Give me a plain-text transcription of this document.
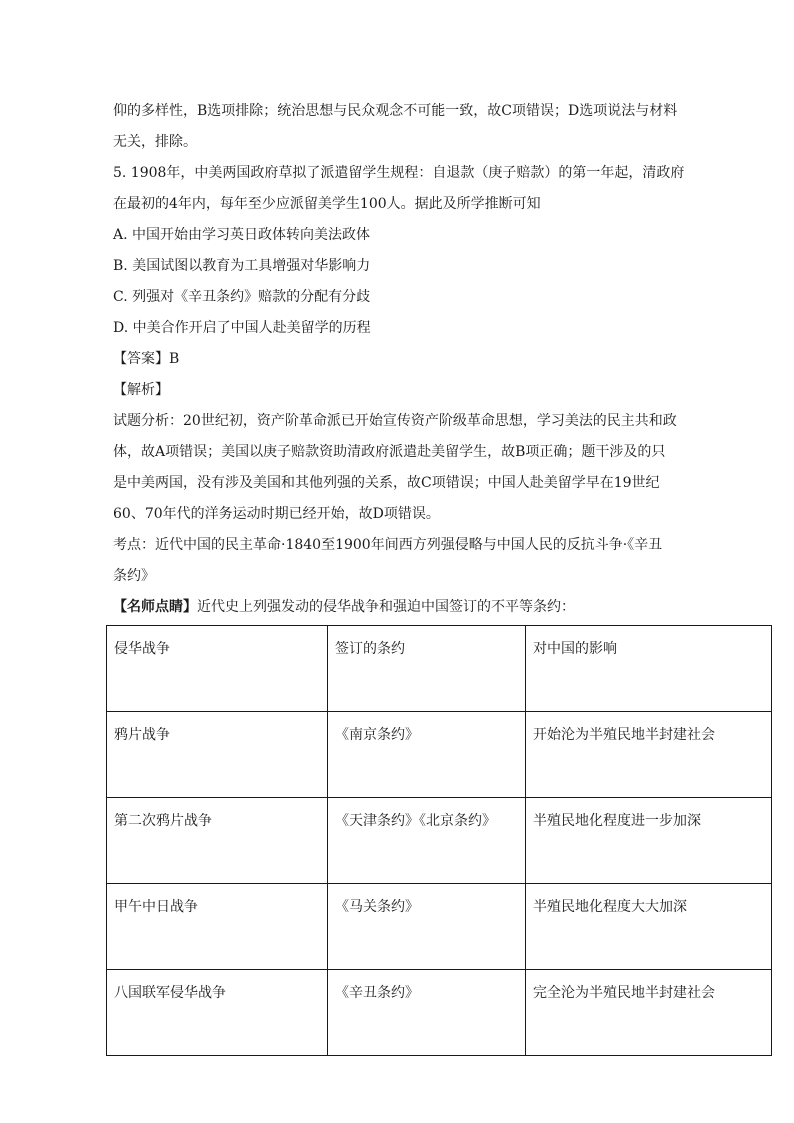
仰的多样性，B选项排除；统治思想与民众观念不可能一致，故C项错误；D选项说法与材料

无关，排除。

5. 1908年，中美两国政府草拟了派遣留学生规程：自退款（庚子赔款）的第一年起，清政府

在最初的4年内，每年至少应派留美学生100人。据此及所学推断可知

A. 中国开始由学习英日政体转向美法政体

B. 美国试图以教育为工具增强对华影响力

C. 列强对《辛丑条约》赔款的分配有分歧

D. 中美合作开启了中国人赴美留学的历程

【答案】B

【解析】

试题分析：20世纪初，资产阶革命派已开始宣传资产阶级革命思想，学习美法的民主共和政

体，故A项错误；美国以庚子赔款资助清政府派遣赴美留学生，故B项正确；题干涉及的只

是中美两国，没有涉及美国和其他列强的关系，故C项错误；中国人赴美留学早在19世纪

60、70年代的洋务运动时期已经开始，故D项错误。

考点：近代中国的民主革命·1840至1900年间西方列强侵略与中国人民的反抗斗争·《辛丑

条约》

【名师点睛】近代史上列强发动的侵华战争和强迫中国签订的不平等条约：

侵华战争	签订的条约	对中国的影响
鸦片战争	《南京条约》	开始沦为半殖民地半封建社会
第二次鸦片战争	《天津条约》《北京条约》	半殖民地化程度进一步加深
甲午中日战争	《马关条约》	半殖民地化程度大大加深
八国联军侵华战争	《辛丑条约》	完全沦为半殖民地半封建社会
